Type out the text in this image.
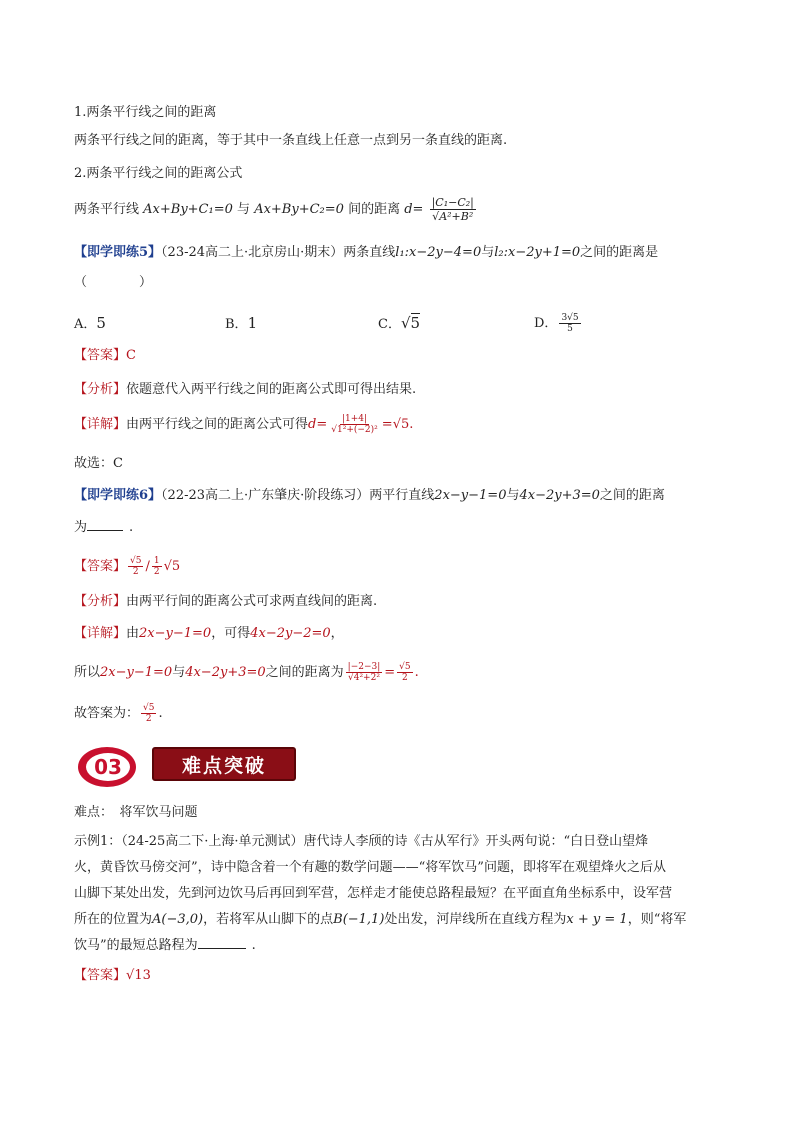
1.两条平行线之间的距离
两条平行线之间的距离，等于其中一条直线上任意一点到另一条直线的距离.
2.两条平行线之间的距离公式
两条平行线 Ax+By+C₁=0 与 Ax+By+C₂=0 间的距离 $d= \frac{\text{|C₁−C₂|}}{\text{√A²+B²}}$
【即学即练5】（23-24高二上·北京房山·期末）两条直线l₁:x−2y−4=0与l₂:x−2y+1=0之间的距离是
（　　　　）
A．5	B．1	C．√5	D． $\frac{3√5}{5}$
【答案】C
【分析】依题意代入两平行线之间的距离公式即可得出结果.
【详解】由两平行线之间的距离公式可得$d= \frac{|1+4|}{\text{√1²+(−2)²}} =√5$.
故选：C
【即学即练6】（22-23高二上·广东肇庆·阶段练习）两平行直线2x−y−1=0与4x−2y+3=0之间的距离
为	.
【答案】 $\frac{√5}{2} / \frac{1}{2} √5$
【分析】由两平行间的距离公式可求两直线间的距离.
【详解】由2x−y−1=0，可得4x−2y−2=0，
所以2x−y−1=0与4x−2y+3=0之间的距离为 $\frac{|-2-3|}{\text{√4²+2²}} = \frac{√5}{2}$ .
故答案为： $\frac{√5}{2}$ .
03	难点突破
难点：　将军饮马问题
示例1：（24-25高二下·上海·单元测试）唐代诗人李颀的诗《古从军行》开头两句说：“白日登山望烽
火，黄昏饮马傍交河”，诗中隐含着一个有趣的数学问题——“将军饮马”问题，即将军在观望烽火之后从
山脚下某处出发，先到河边饮马后再回到军营，怎样走才能使总路程最短？在平面直角坐标系中，设军营
所在的位置为A(−3,0)，若将军从山脚下的点B(−1,1)处出发，河岸线所在直线方程为x + y = 1，则“将军
饮马”的最短总路程为	.
【答案】√13
